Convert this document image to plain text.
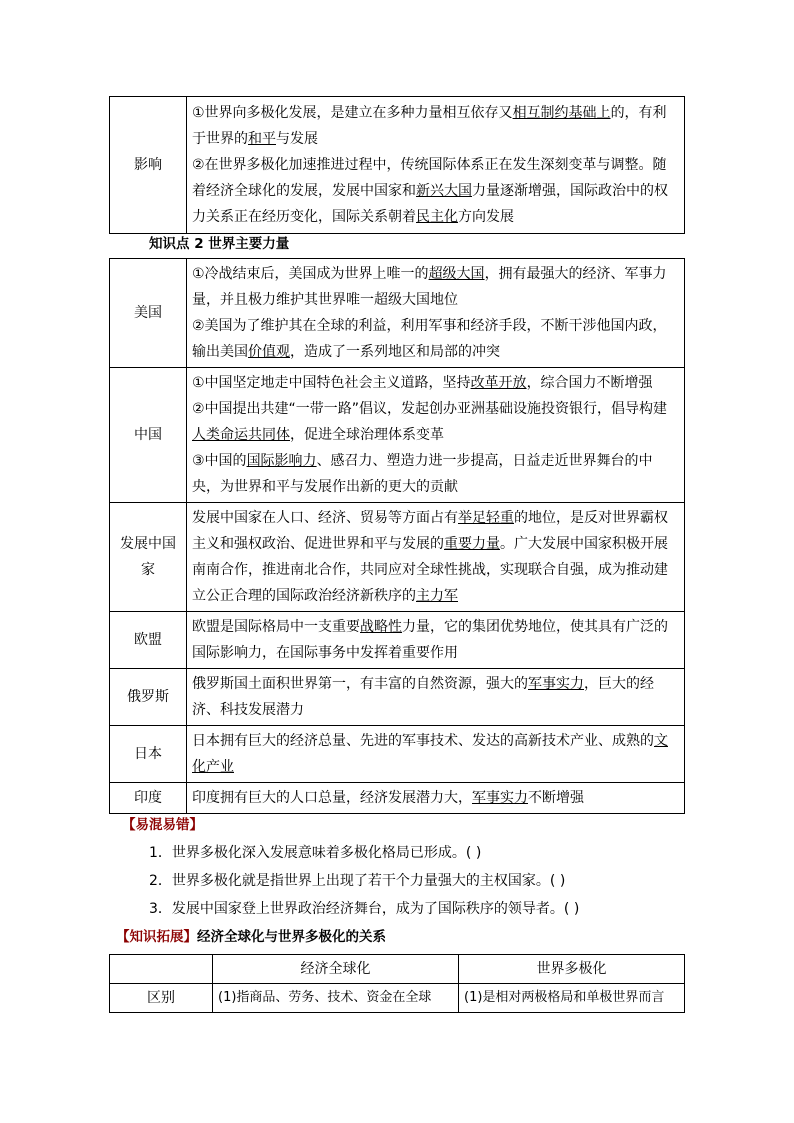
影响	①世界向多极化发展，是建立在多种力量相互依存又相互制约基础上的，有利于世界的和平与发展
②在世界多极化加速推进过程中，传统国际体系正在发生深刻变革与调整。随着经济全球化的发展，发展中国家和新兴大国力量逐渐增强，国际政治中的权力关系正在经历变化，国际关系朝着民主化方向发展
知识点 2 世界主要力量
美国	①冷战结束后，美国成为世界上唯一的超级大国，拥有最强大的经济、军事力量，并且极力维护其世界唯一超级大国地位
②美国为了维护其在全球的利益，利用军事和经济手段，不断干涉他国内政，输出美国价值观，造成了一系列地区和局部的冲突
中国	①中国坚定地走中国特色社会主义道路，坚持改革开放，综合国力不断增强
②中国提出共建“一带一路”倡议，发起创办亚洲基础设施投资银行，倡导构建人类命运共同体，促进全球治理体系变革
③中国的国际影响力、感召力、塑造力进一步提高，日益走近世界舞台的中央，为世界和平与发展作出新的更大的贡献
发展中国家	发展中国家在人口、经济、贸易等方面占有举足轻重的地位，是反对世界霸权主义和强权政治、促进世界和平与发展的重要力量。广大发展中国家积极开展南南合作，推进南北合作，共同应对全球性挑战，实现联合自强，成为推动建立公正合理的国际政治经济新秩序的主力军
欧盟	欧盟是国际格局中一支重要战略性力量，它的集团优势地位，使其具有广泛的国际影响力，在国际事务中发挥着重要作用
俄罗斯	俄罗斯国土面积世界第一，有丰富的自然资源，强大的军事实力，巨大的经济、科技发展潜力
日本	日本拥有巨大的经济总量、先进的军事技术、发达的高新技术产业、成熟的文化产业
印度	印度拥有巨大的人口总量，经济发展潜力大，军事实力不断增强
【易混易错】
1．世界多极化深入发展意味着多极化格局已形成。( )
2．世界多极化就是指世界上出现了若干个力量强大的主权国家。( )
3．发展中国家登上世界政治经济舞台，成为了国际秩序的领导者。( )
【知识拓展】经济全球化与世界多极化的关系
	经济全球化	世界多极化
区别	(1)指商品、劳务、技术、资金在全球	(1)是相对两极格局和单极世界而言
